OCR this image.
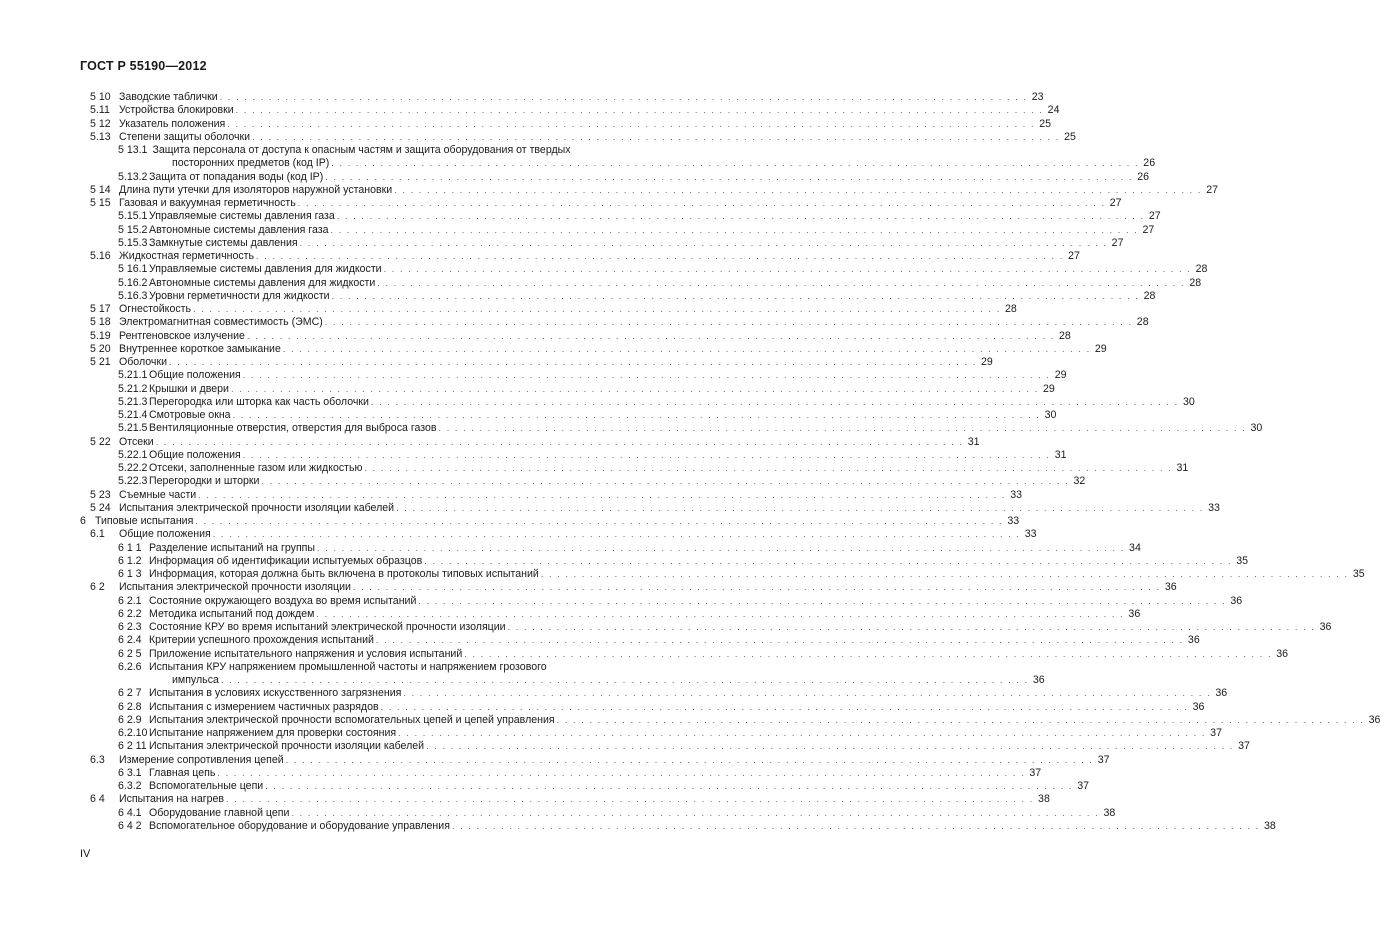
ГОСТ Р 55190—2012
5 10 Заводские таблички . . . . . . . . . . . . . . . . . . . . . . . . . . . . . . . . . . . . . . . . . . . . . . . . . . . . . . . . . . . . . . . . . . . . . . . . . . . . . . . . . . . . . . . . . . . . . . . . . . . 23
5.11 Устройства блокировки . . . . . . . . . . . . . . . . . . . . . . . . . . . . . . . . . . . . . . . . . . . . . . . . . . . . . . . . . . . . . . . . . . . . . . . . . . . . . . . . . . . . . . . . . . . . . . . . . . . 24
5 12 Указатель положения . . . . . . . . . . . . . . . . . . . . . . . . . . . . . . . . . . . . . . . . . . . . . . . . . . . . . . . . . . . . . . . . . . . . . . . . . . . . . . . . . . . . . . . . . . . . . . . . . . . 25
5.13 Степени защиты оболочки . . . . . . . . . . . . . . . . . . . . . . . . . . . . . . . . . . . . . . . . . . . . . . . . . . . . . . . . . . . . . . . . . . . . . . . . . . . . . . . . . . . . . . . . . . . . . . . . . . . 25
5 13.1 Защита персонала от доступа к опасным частям и защита оборудования от твердых
посторонних предметов (код IP) . . . . . . . . . . . . . . . . . . . . . . . . . . . . . . . . . . . . . . . . . . . . . . . . . . . . . . . . . . . . . . . . . . . . . . . . . . . . . . . . . . . . . . . . . . . . . . . . . . . 26
5.13.2 Защита от попадания воды (код IP) . . . . . . . . . . . . . . . . . . . . . . . . . . . . . . . . . . . . . . . . . . . . . . . . . . . . . . . . . . . . . . . . . . . . . . . . . . . . . . . . . . . . . . . . . . . . . . . . . . . 26
5 14 Длина пути утечки для изоляторов наружной установки . . . . . . . . . . . . . . . . . . . . . . . . . . . . . . . . . . . . . . . . . . . . . . . . . . . . . . . . . . . . . . . . . . . . . . . . . . . . . . . . . . . . . . . . . . . . . . . . . . . 27
5 15 Газовая и вакуумная герметичность . . . . . . . . . . . . . . . . . . . . . . . . . . . . . . . . . . . . . . . . . . . . . . . . . . . . . . . . . . . . . . . . . . . . . . . . . . . . . . . . . . . . . . . . . . . . . . . . . . . 27
5.15.1 Управляемые системы давления газа . . . . . . . . . . . . . . . . . . . . . . . . . . . . . . . . . . . . . . . . . . . . . . . . . . . . . . . . . . . . . . . . . . . . . . . . . . . . . . . . . . . . . . . . . . . . . . . . . . . 27
5 15.2 Автономные системы давления газа . . . . . . . . . . . . . . . . . . . . . . . . . . . . . . . . . . . . . . . . . . . . . . . . . . . . . . . . . . . . . . . . . . . . . . . . . . . . . . . . . . . . . . . . . . . . . . . . . . . 27
5.15.3 Замкнутые системы давления . . . . . . . . . . . . . . . . . . . . . . . . . . . . . . . . . . . . . . . . . . . . . . . . . . . . . . . . . . . . . . . . . . . . . . . . . . . . . . . . . . . . . . . . . . . . . . . . . . . 27
5.16 Жидкостная герметичность . . . . . . . . . . . . . . . . . . . . . . . . . . . . . . . . . . . . . . . . . . . . . . . . . . . . . . . . . . . . . . . . . . . . . . . . . . . . . . . . . . . . . . . . . . . . . . . . . . . 27
5 16.1 Управляемые системы давления для жидкости . . . . . . . . . . . . . . . . . . . . . . . . . . . . . . . . . . . . . . . . . . . . . . . . . . . . . . . . . . . . . . . . . . . . . . . . . . . . . . . . . . . . . . . . . . . . . . . . . . . 28
5.16.2 Автономные системы давления для жидкости . . . . . . . . . . . . . . . . . . . . . . . . . . . . . . . . . . . . . . . . . . . . . . . . . . . . . . . . . . . . . . . . . . . . . . . . . . . . . . . . . . . . . . . . . . . . . . . . . . . 28
5.16.3 Уровни герметичности для жидкости . . . . . . . . . . . . . . . . . . . . . . . . . . . . . . . . . . . . . . . . . . . . . . . . . . . . . . . . . . . . . . . . . . . . . . . . . . . . . . . . . . . . . . . . . . . . . . . . . . . 28
5 17 Огнестойкость . . . . . . . . . . . . . . . . . . . . . . . . . . . . . . . . . . . . . . . . . . . . . . . . . . . . . . . . . . . . . . . . . . . . . . . . . . . . . . . . . . . . . . . . . . . . . . . . . . . 28
5 18 Электромагнитная совместимость (ЭМС) . . . . . . . . . . . . . . . . . . . . . . . . . . . . . . . . . . . . . . . . . . . . . . . . . . . . . . . . . . . . . . . . . . . . . . . . . . . . . . . . . . . . . . . . . . . . . . . . . . . 28
5.19 Рентгеновское излучение . . . . . . . . . . . . . . . . . . . . . . . . . . . . . . . . . . . . . . . . . . . . . . . . . . . . . . . . . . . . . . . . . . . . . . . . . . . . . . . . . . . . . . . . . . . . . . . . . . . 28
5 20 Внутреннее короткое замыкание . . . . . . . . . . . . . . . . . . . . . . . . . . . . . . . . . . . . . . . . . . . . . . . . . . . . . . . . . . . . . . . . . . . . . . . . . . . . . . . . . . . . . . . . . . . . . . . . . . . 29
5 21 Оболочки . . . . . . . . . . . . . . . . . . . . . . . . . . . . . . . . . . . . . . . . . . . . . . . . . . . . . . . . . . . . . . . . . . . . . . . . . . . . . . . . . . . . . . . . . . . . . . . . . . . 29
5.21.1 Общие положения . . . . . . . . . . . . . . . . . . . . . . . . . . . . . . . . . . . . . . . . . . . . . . . . . . . . . . . . . . . . . . . . . . . . . . . . . . . . . . . . . . . . . . . . . . . . . . . . . . . 29
5.21.2 Крышки и двери . . . . . . . . . . . . . . . . . . . . . . . . . . . . . . . . . . . . . . . . . . . . . . . . . . . . . . . . . . . . . . . . . . . . . . . . . . . . . . . . . . . . . . . . . . . . . . . . . . . 29
5.21.3 Перегородка или шторка как часть оболочки . . . . . . . . . . . . . . . . . . . . . . . . . . . . . . . . . . . . . . . . . . . . . . . . . . . . . . . . . . . . . . . . . . . . . . . . . . . . . . . . . . . . . . . . . . . . . . . . . . . 30
5.21.4 Смотровые окна . . . . . . . . . . . . . . . . . . . . . . . . . . . . . . . . . . . . . . . . . . . . . . . . . . . . . . . . . . . . . . . . . . . . . . . . . . . . . . . . . . . . . . . . . . . . . . . . . . . 30
5.21.5 Вентиляционные отверстия, отверстия для выброса газов . . . . . . . . . . . . . . . . . . . . . . . . . . . . . . . . . . . . . . . . . . . . . . . . . . . . . . . . . . . . . . . . . . . . . . . . . . . . . . . . . . . . . . . . . . . . . . . . . . . 30
5 22 Отсеки . . . . . . . . . . . . . . . . . . . . . . . . . . . . . . . . . . . . . . . . . . . . . . . . . . . . . . . . . . . . . . . . . . . . . . . . . . . . . . . . . . . . . . . . . . . . . . . . . . . 31
5.22.1 Общие положения . . . . . . . . . . . . . . . . . . . . . . . . . . . . . . . . . . . . . . . . . . . . . . . . . . . . . . . . . . . . . . . . . . . . . . . . . . . . . . . . . . . . . . . . . . . . . . . . . . . 31
5.22.2 Отсеки, заполненные газом или жидкостью . . . . . . . . . . . . . . . . . . . . . . . . . . . . . . . . . . . . . . . . . . . . . . . . . . . . . . . . . . . . . . . . . . . . . . . . . . . . . . . . . . . . . . . . . . . . . . . . . . . 31
5.22.3 Перегородки и шторки . . . . . . . . . . . . . . . . . . . . . . . . . . . . . . . . . . . . . . . . . . . . . . . . . . . . . . . . . . . . . . . . . . . . . . . . . . . . . . . . . . . . . . . . . . . . . . . . . . . 32
5 23 Съемные части . . . . . . . . . . . . . . . . . . . . . . . . . . . . . . . . . . . . . . . . . . . . . . . . . . . . . . . . . . . . . . . . . . . . . . . . . . . . . . . . . . . . . . . . . . . . . . . . . . . 33
5 24 Испытания электрической прочности изоляции кабелей . . . . . . . . . . . . . . . . . . . . . . . . . . . . . . . . . . . . . . . . . . . . . . . . . . . . . . . . . . . . . . . . . . . . . . . . . . . . . . . . . . . . . . . . . . . . . . . . . . . 33
6 Типовые испытания . . . . . . . . . . . . . . . . . . . . . . . . . . . . . . . . . . . . . . . . . . . . . . . . . . . . . . . . . . . . . . . . . . . . . . . . . . . . . . . . . . . . . . . . . . . . . . . . . . . 33
6.1	Общие положения . . . . . . . . . . . . . . . . . . . . . . . . . . . . . . . . . . . . . . . . . . . . . . . . . . . . . . . . . . . . . . . . . . . . . . . . . . . . . . . . . . . . . . . . . . . . . . . . . . . 33
6 1 1 Разделение испытаний на группы . . . . . . . . . . . . . . . . . . . . . . . . . . . . . . . . . . . . . . . . . . . . . . . . . . . . . . . . . . . . . . . . . . . . . . . . . . . . . . . . . . . . . . . . . . . . . . . . . . . 34
6 1.2 Информация об идентификации испытуемых образцов . . . . . . . . . . . . . . . . . . . . . . . . . . . . . . . . . . . . . . . . . . . . . . . . . . . . . . . . . . . . . . . . . . . . . . . . . . . . . . . . . . . . . . . . . . . . . . . . . . . 35
6 1 3 Информация, которая должна быть включена в протоколы типовых испытаний . . . . . . . . . . . . . . . . . . . . . . . . . . . . . . . . . . . . . . . . . . . . . . . . . . . . . . . . . . . . . . . . . . . . . . . . . . . . . . . . . . . . . . . . . . . . . . . . . . . 35
6 2	Испытания электрической прочности изоляции . . . . . . . . . . . . . . . . . . . . . . . . . . . . . . . . . . . . . . . . . . . . . . . . . . . . . . . . . . . . . . . . . . . . . . . . . . . . . . . . . . . . . . . . . . . . . . . . . . . 36
6 2.1 Состояние окружающего воздуха во время испытаний . . . . . . . . . . . . . . . . . . . . . . . . . . . . . . . . . . . . . . . . . . . . . . . . . . . . . . . . . . . . . . . . . . . . . . . . . . . . . . . . . . . . . . . . . . . . . . . . . . . 36
6 2.2 Методика испытаний под дождем . . . . . . . . . . . . . . . . . . . . . . . . . . . . . . . . . . . . . . . . . . . . . . . . . . . . . . . . . . . . . . . . . . . . . . . . . . . . . . . . . . . . . . . . . . . . . . . . . . . 36
6 2.3 Состояние КРУ во время испытаний электрической прочности изоляции . . . . . . . . . . . . . . . . . . . . . . . . . . . . . . . . . . . . . . . . . . . . . . . . . . . . . . . . . . . . . . . . . . . . . . . . . . . . . . . . . . . . . . . . . . . . . . . . . . . 36
6 2.4 Критерии успешного прохождения испытаний . . . . . . . . . . . . . . . . . . . . . . . . . . . . . . . . . . . . . . . . . . . . . . . . . . . . . . . . . . . . . . . . . . . . . . . . . . . . . . . . . . . . . . . . . . . . . . . . . . . 36
6 2 5 Приложение испытательного напряжения и условия испытаний . . . . . . . . . . . . . . . . . . . . . . . . . . . . . . . . . . . . . . . . . . . . . . . . . . . . . . . . . . . . . . . . . . . . . . . . . . . . . . . . . . . . . . . . . . . . . . . . . . . 36
6.2.6 Испытания КРУ напряжением промышленной частоты и напряжением грозового
импульса . . . . . . . . . . . . . . . . . . . . . . . . . . . . . . . . . . . . . . . . . . . . . . . . . . . . . . . . . . . . . . . . . . . . . . . . . . . . . . . . . . . . . . . . . . . . . . . . . . . 36
6 2 7 Испытания в условиях искусственного загрязнения . . . . . . . . . . . . . . . . . . . . . . . . . . . . . . . . . . . . . . . . . . . . . . . . . . . . . . . . . . . . . . . . . . . . . . . . . . . . . . . . . . . . . . . . . . . . . . . . . . . 36
6 2.8 Испытания с измерением частичных разрядов . . . . . . . . . . . . . . . . . . . . . . . . . . . . . . . . . . . . . . . . . . . . . . . . . . . . . . . . . . . . . . . . . . . . . . . . . . . . . . . . . . . . . . . . . . . . . . . . . . . 36
6 2.9 Испытания электрической прочности вспомогательных цепей и цепей управления . . . . . . . . . . . . . . . . . . . . . . . . . . . . . . . . . . . . . . . . . . . . . . . . . . . . . . . . . . . . . . . . . . . . . . . . . . . . . . . . . . . . . . . . . . . . . . . . . . . 36
6.2.10 Испытание напряжением для проверки состояния . . . . . . . . . . . . . . . . . . . . . . . . . . . . . . . . . . . . . . . . . . . . . . . . . . . . . . . . . . . . . . . . . . . . . . . . . . . . . . . . . . . . . . . . . . . . . . . . . . . 37
6 2 11 Испытания электрической прочности изоляции кабелей . . . . . . . . . . . . . . . . . . . . . . . . . . . . . . . . . . . . . . . . . . . . . . . . . . . . . . . . . . . . . . . . . . . . . . . . . . . . . . . . . . . . . . . . . . . . . . . . . . . 37
6.3	Измерение сопротивления цепей . . . . . . . . . . . . . . . . . . . . . . . . . . . . . . . . . . . . . . . . . . . . . . . . . . . . . . . . . . . . . . . . . . . . . . . . . . . . . . . . . . . . . . . . . . . . . . . . . . . 37
6 3.1 Главная цепь . . . . . . . . . . . . . . . . . . . . . . . . . . . . . . . . . . . . . . . . . . . . . . . . . . . . . . . . . . . . . . . . . . . . . . . . . . . . . . . . . . . . . . . . . . . . . . . . . . . 37
6.3.2 Вспомогательные цепи . . . . . . . . . . . . . . . . . . . . . . . . . . . . . . . . . . . . . . . . . . . . . . . . . . . . . . . . . . . . . . . . . . . . . . . . . . . . . . . . . . . . . . . . . . . . . . . . . . . 37
6 4	Испытания на нагрев . . . . . . . . . . . . . . . . . . . . . . . . . . . . . . . . . . . . . . . . . . . . . . . . . . . . . . . . . . . . . . . . . . . . . . . . . . . . . . . . . . . . . . . . . . . . . . . . . . . 38
6 4.1 Оборудование главной цепи . . . . . . . . . . . . . . . . . . . . . . . . . . . . . . . . . . . . . . . . . . . . . . . . . . . . . . . . . . . . . . . . . . . . . . . . . . . . . . . . . . . . . . . . . . . . . . . . . . . 38
6 4 2 Вспомогательное оборудование и оборудование управления . . . . . . . . . . . . . . . . . . . . . . . . . . . . . . . . . . . . . . . . . . . . . . . . . . . . . . . . . . . . . . . . . . . . . . . . . . . . . . . . . . . . . . . . . . . . . . . . . . . 38
IV
